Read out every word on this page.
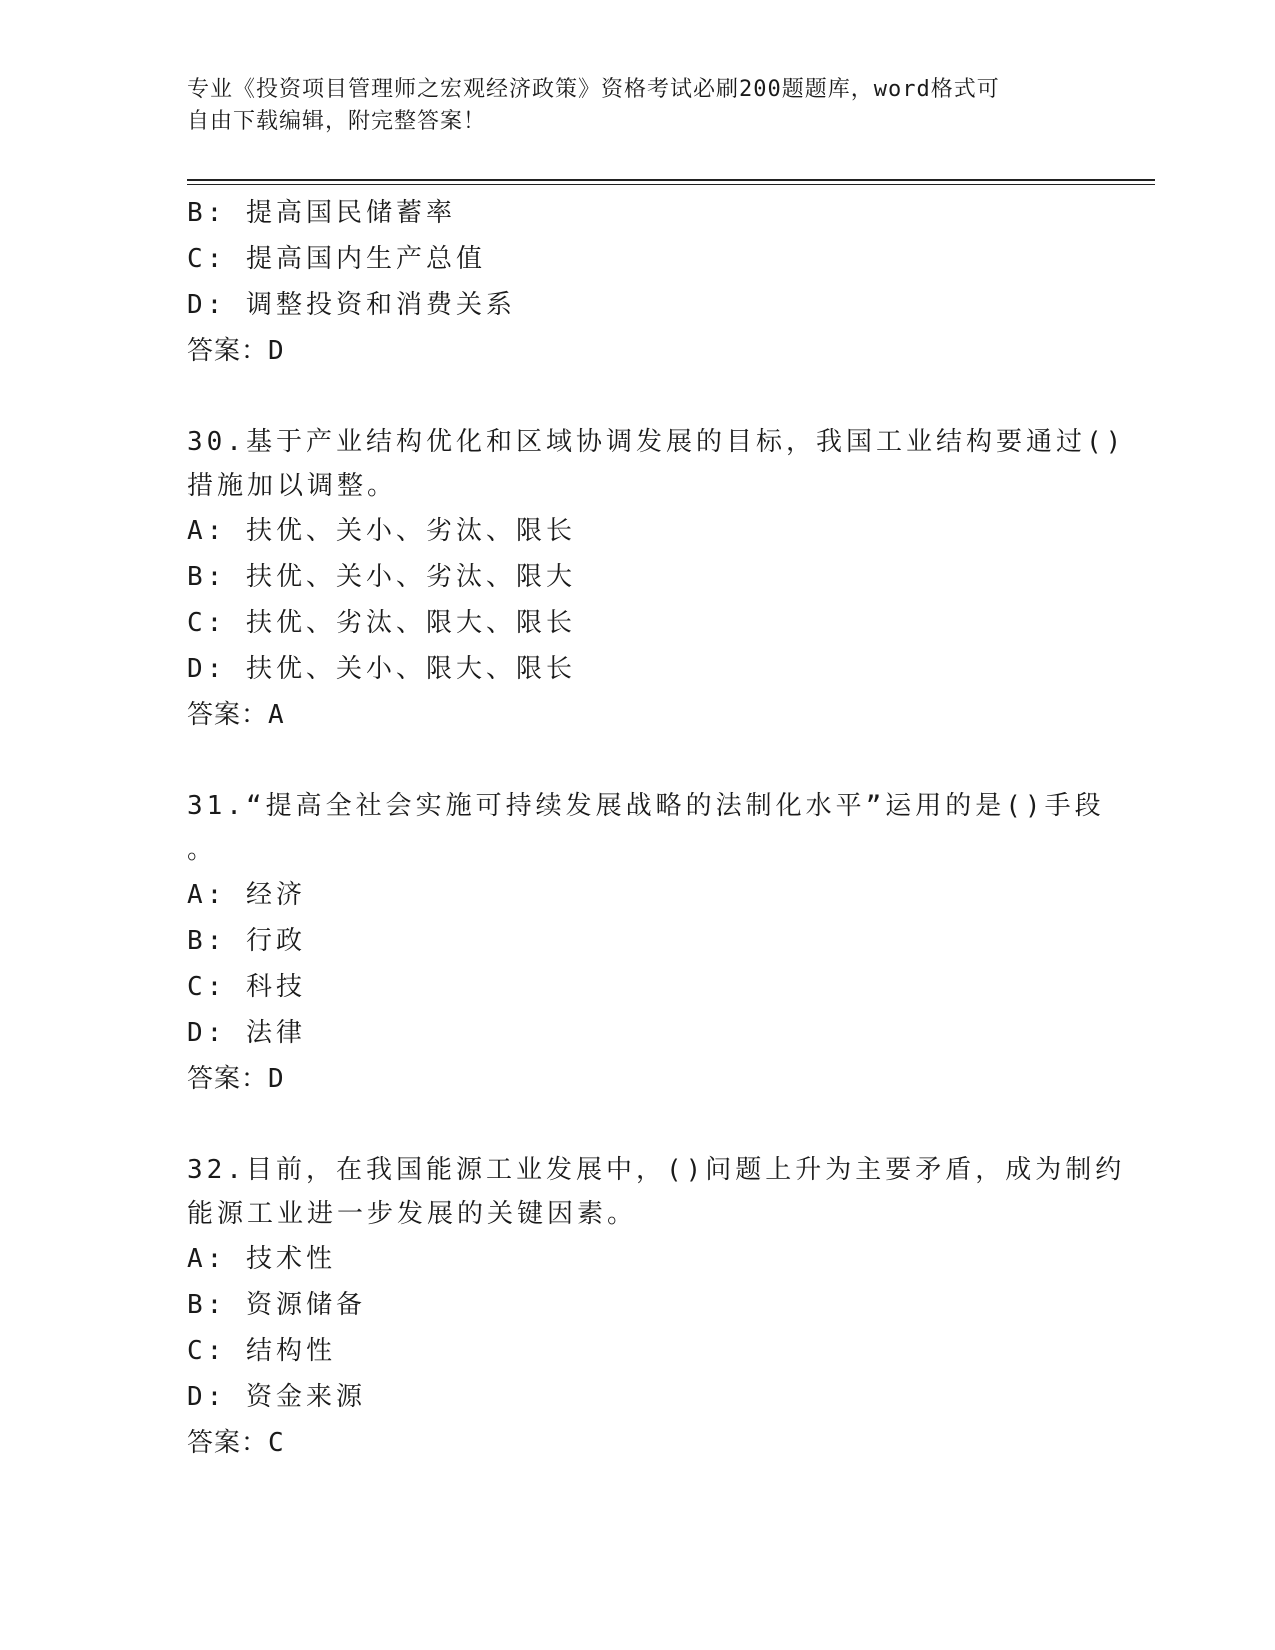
专业《投资项目管理师之宏观经济政策》资格考试必刷200题题库，word格式可
自由下载编辑，附完整答案！
B: 提高国民储蓄率
C: 提高国内生产总值
D: 调整投资和消费关系
答案：D
30.基于产业结构优化和区域协调发展的目标，我国工业结构要通过()
措施加以调整。
A: 扶优、关小、劣汰、限长
B: 扶优、关小、劣汰、限大
C: 扶优、劣汰、限大、限长
D: 扶优、关小、限大、限长
答案：A
31.“提高全社会实施可持续发展战略的法制化水平”运用的是()手段
。
A: 经济
B: 行政
C: 科技
D: 法律
答案：D
32.目前，在我国能源工业发展中，()问题上升为主要矛盾，成为制约
能源工业进一步发展的关键因素。
A: 技术性
B: 资源储备
C: 结构性
D: 资金来源
答案：C
